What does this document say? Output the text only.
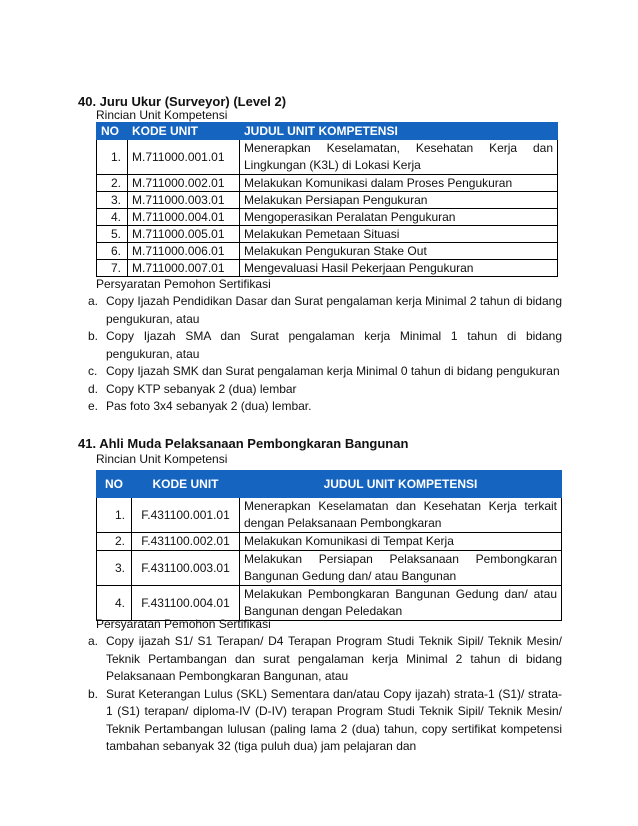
40. Juru Ukur (Surveyor) (Level 2)
Rincian Unit Kompetensi
NO	KODE UNIT	JUDUL UNIT KOMPETENSI
1.	M.711000.001.01	Menerapkan Keselamatan, Kesehatan Kerja dan
Lingkungan (K3L) di Lokasi Kerja

2.	M.711000.002.01	Melakukan Komunikasi dalam Proses Pengukuran
3.	M.711000.003.01	Melakukan Persiapan Pengukuran
4.	M.711000.004.01	Mengoperasikan Peralatan Pengukuran
5.	M.711000.005.01	Melakukan Pemetaan Situasi
6.	M.711000.006.01	Melakukan Pengukuran Stake Out
7.	M.711000.007.01	Mengevaluasi Hasil Pekerjaan Pengukuran
Persyaratan Pemohon Sertifikasi
a. Copy Ijazah Pendidikan Dasar dan Surat pengalaman kerja Minimal 2 tahun di bidang pengukuran, atau
b. Copy Ijazah SMA dan Surat pengalaman kerja Minimal 1 tahun di bidang pengukuran, atau
c. Copy Ijazah SMK dan Surat pengalaman kerja Minimal 0 tahun di bidang pengukuran
d. Copy KTP sebanyak 2 (dua) lembar
e. Pas foto 3x4 sebanyak 2 (dua) lembar.
41. Ahli Muda Pelaksanaan Pembongkaran Bangunan
Rincian Unit Kompetensi
NO	KODE UNIT	JUDUL UNIT KOMPETENSI
1.	F.431100.001.01	Menerapkan Keselamatan dan Kesehatan Kerja terkait
dengan Pelaksanaan Pembongkaran

2.	F.431100.002.01	Melakukan Komunikasi di Tempat Kerja
3.	F.431100.003.01	Melakukan Persiapan Pelaksanaan Pembongkaran
Bangunan Gedung dan/ atau Bangunan

4.	F.431100.004.01	Melakukan Pembongkaran Bangunan Gedung dan/ atau
Bangunan dengan Peledakan
Persyaratan Pemohon Sertifikasi
a. Copy ijazah S1/ S1 Terapan/ D4 Terapan Program Studi Teknik Sipil/ Teknik Mesin/ Teknik Pertambangan dan surat pengalaman kerja Minimal 2 tahun di bidang Pelaksanaan Pembongkaran Bangunan, atau
b. Surat Keterangan Lulus (SKL) Sementara dan/atau Copy ijazah) strata-1 (S1)/ strata-1 (S1) terapan/ diploma-IV (D-IV) terapan Program Studi Teknik Sipil/ Teknik Mesin/ Teknik Pertambangan lulusan (paling lama 2 (dua) tahun, copy sertifikat kompetensi tambahan sebanyak 32 (tiga puluh dua) jam pelajaran dan
